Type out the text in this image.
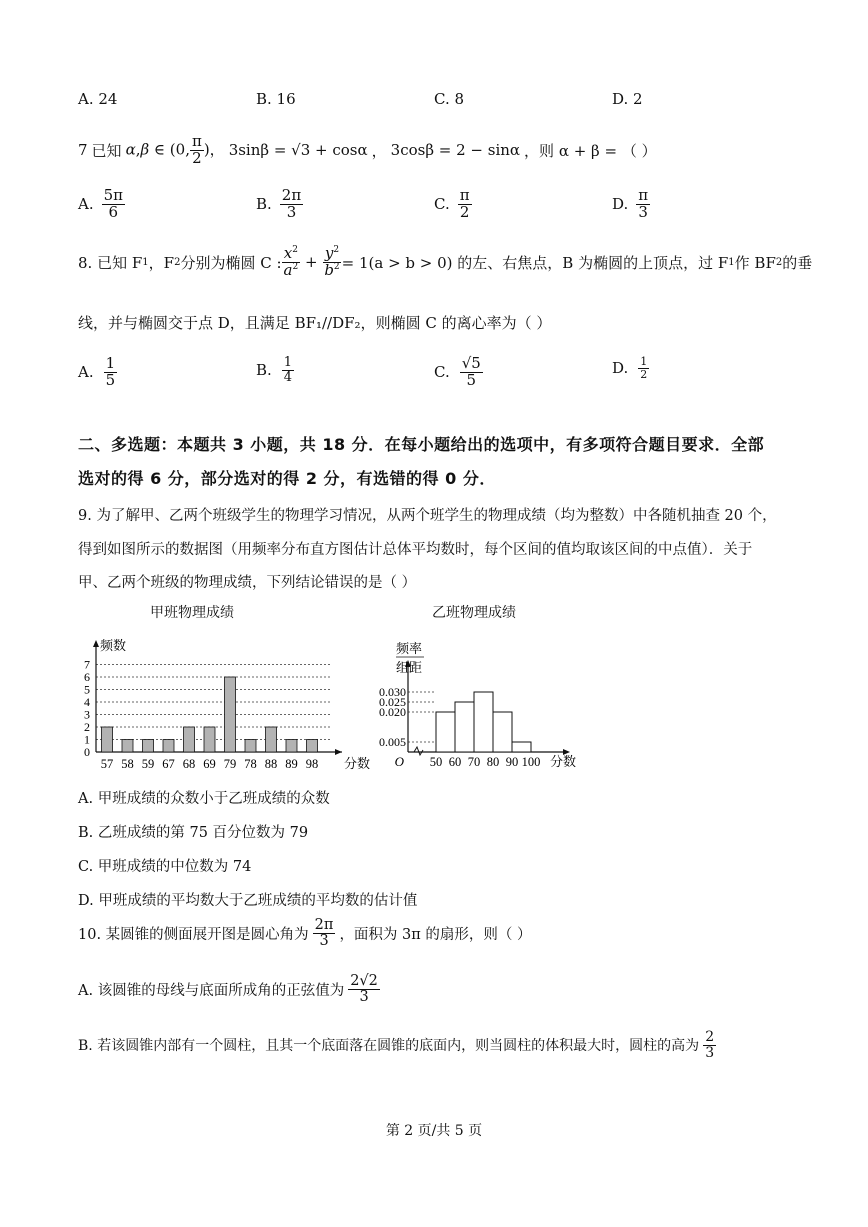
A. 24	B. 16	C. 8	D. 2
7 已知 α,β ∈ (0, $\frac{\pi}{2}$ )， 3sinβ = √3 + cosα ， 3cosβ = 2 − sinα ，则 α + β = （ ）
A. $\frac{5\pi}{6}$	B. $\frac{2\pi}{3}$	C. $\frac{\pi}{2}$	D. $\frac{\pi}{3}$
8. 已知 F 1 ，F 2 分别为椭圆 C : $\frac{x^2}{a^2} + \frac{y^2}{b^2} = 1(a > b > 0)$ 的左、右焦点，B 为椭圆的上顶点，过 F 1 作 BF 2 的垂
线，并与椭圆交于点 D，且满足 BF₁//DF₂，则椭圆 C 的离心率为（ ）
A. $\frac{1}{5}$	B. $\frac{1}{4}$	C. $\frac{√5}{5}$	D. $\frac{1}{2}$
二、多选题：本题共 3 小题，共 18 分．在每小题给出的选项中，有多项符合题目要求．全部
选对的得 6 分，部分选对的得 2 分，有选错的得 0 分．
9. 为了解甲、乙两个班级学生的物理学习情况，从两个班学生的物理成绩（均为整数）中各随机抽查 20 个，
得到如图所示的数据图（用频率分布直方图估计总体平均数时，每个区间的值均取该区间的中点值）．关于
甲、乙两个班级的物理成绩，下列结论错误的是（ ）
甲班物理成绩	乙班物理成绩
0
1
2
3
4
5
6
7
频数
分数
57 58 59 67 68 69 79 78 88 89 98
频率
组距
O
0.030
0.025
0.020
0.005
50 60 70 80 90 100 分数
A. 甲班成绩的众数小于乙班成绩的众数
B. 乙班成绩的第 75 百分位数为 79
C. 甲班成绩的中位数为 74
D. 甲班成绩的平均数大于乙班成绩的平均数的估计值
10. 某圆锥的侧面展开图是圆心角为 $\frac{2\pi}{3}$ ，面积为 3π 的扇形，则（ ）
A. 该圆锥的母线与底面所成角的正弦值为 $\frac{2√2}{3}$
B. 若该圆锥内部有一个圆柱，且其一个底面落在圆锥的底面内，则当圆柱的体积最大时，圆柱的高为 $\frac{2}{3}$
第 2 页/共 5 页
